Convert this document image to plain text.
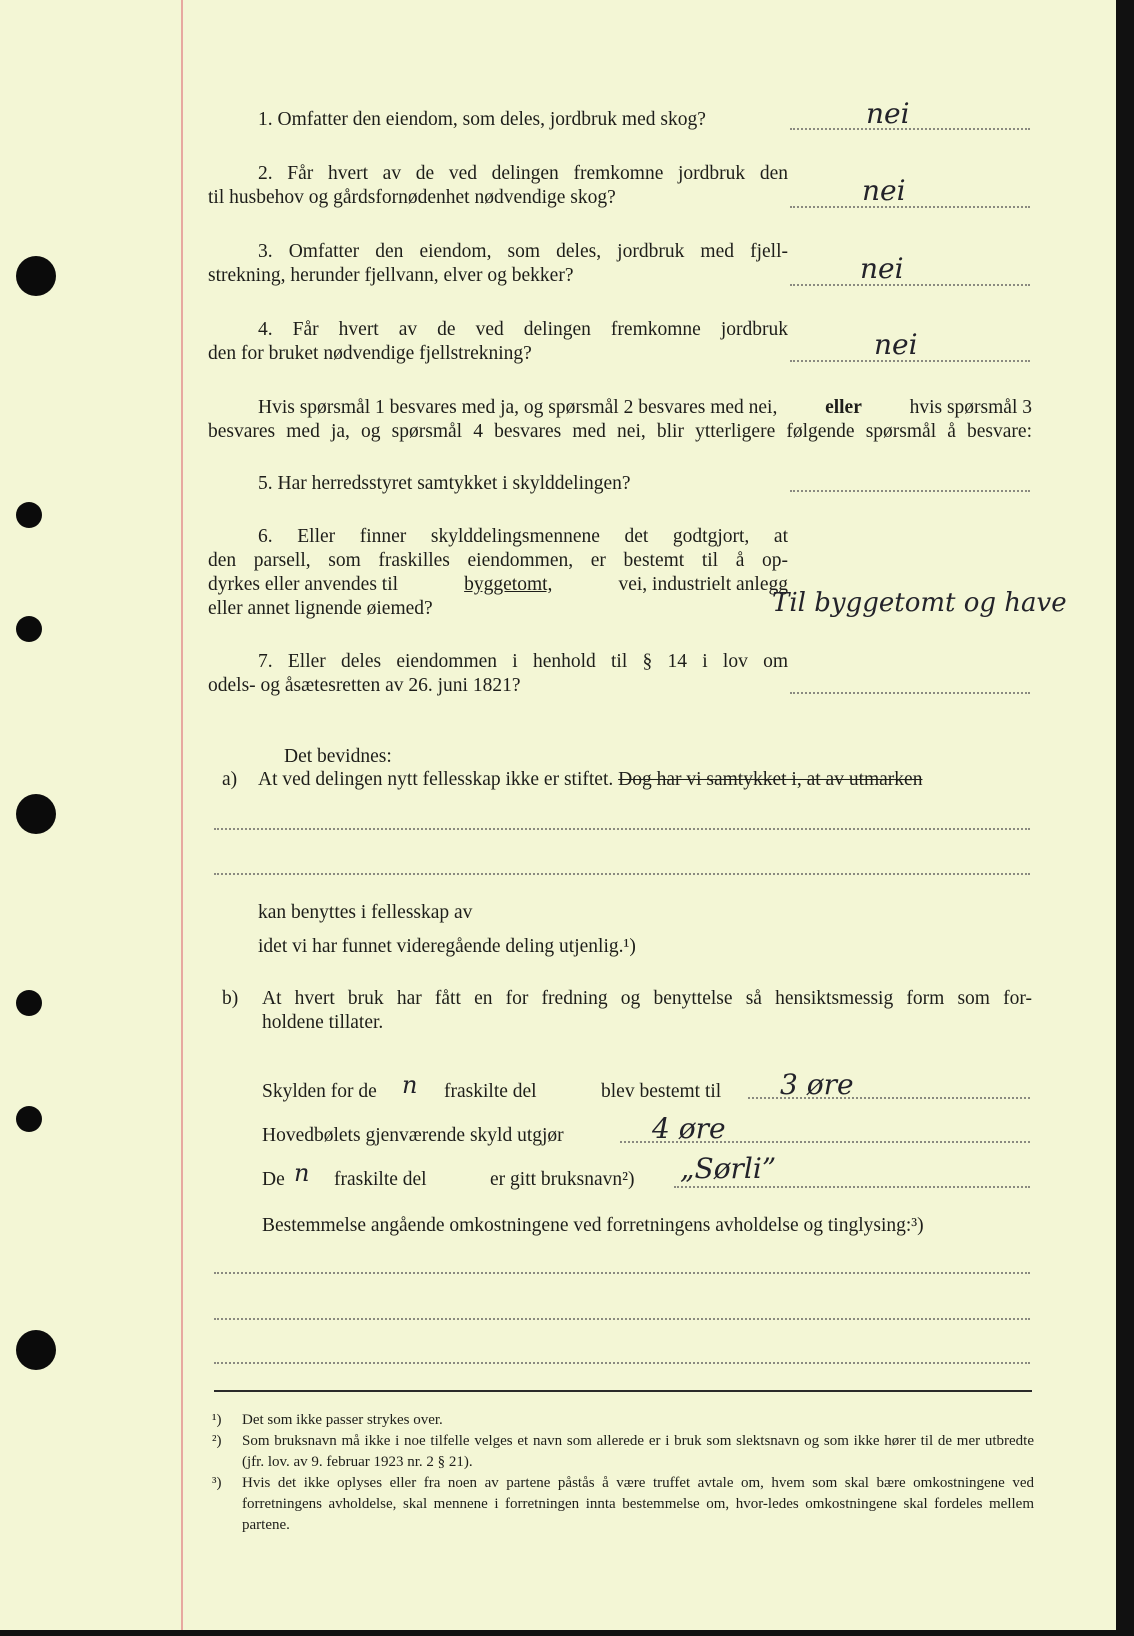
1. Omfatter den eiendom, som deles, jordbruk med skog?	nei
2. Får hvert av de ved delingen fremkomne jordbruk den
til husbehov og gårdsfornødenhet nødvendige skog?	nei
3. Omfatter den eiendom, som deles, jordbruk med fjell-
strekning, herunder fjellvann, elver og bekker?	nei
4. Får hvert av de ved delingen fremkomne jordbruk
den for bruket nødvendige fjellstrekning?	nei
Hvis spørsmål 1 besvares med ja, og spørsmål 2 besvares med nei, eller hvis spørsmål 3
besvares med ja, og spørsmål 4 besvares med nei, blir ytterligere følgende spørsmål å besvare:
5. Har herredsstyret samtykket i skylddelingen?
6. Eller finner skylddelingsmennene det godtgjort, at
den parsell, som fraskilles eiendommen, er bestemt til å op-
dyrkes eller anvendes til	byggetomt,	vei, industrielt anlegg
eller annet lignende øiemed?	Til byggetomt og have
7. Eller deles eiendommen i henhold til § 14 i lov om
odels- og åsætesretten av 26. juni 1821?
Det bevidnes:
a) At ved delingen nytt fellesskap ikke er stiftet. Dog har vi samtykket i, at av utmarken
kan benyttes i fellesskap av
idet vi har funnet videregående deling utjenlig.¹)
b) At hvert bruk har fått en for fredning og benyttelse så hensiktsmessig form som for-
holdene tillater.
Skylden for de n fraskilte del	blev bestemt til 3 øre
Hovedbølets gjenværende skyld utgjør	4 øre
De n fraskilte del	er gitt bruksnavn²) „Sørli”
Bestemmelse angående omkostningene ved forretningens avholdelse og tinglysing:³)
¹)	Det som ikke passer strykes over.
²)	Som bruksnavn må ikke i noe tilfelle velges et navn som allerede er i bruk som slektsnavn og som ikke hører til de mer utbredte (jfr. lov. av 9. februar 1923 nr. 2 § 21).
³)	Hvis det ikke oplyses eller fra noen av partene påstås å være truffet avtale om, hvem som skal bære omkostningene ved forretningens avholdelse, skal mennene i forretningen innta bestemmelse om, hvor-ledes omkostningene skal fordeles mellem partene.
